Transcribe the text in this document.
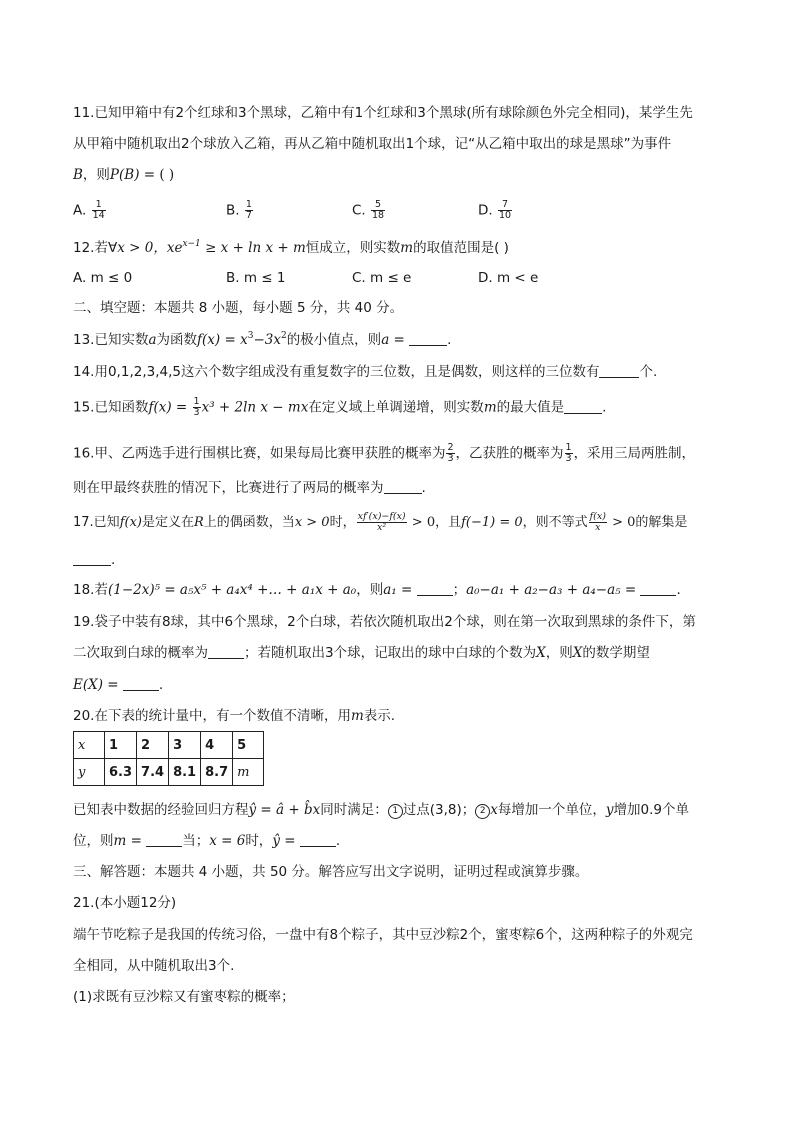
11.已知甲箱中有2个红球和3个黑球，乙箱中有1个红球和3个黑球(所有球除颜色外完全相同)，某学生先
从甲箱中随机取出2个球放入乙箱，再从乙箱中随机取出1个球，记“从乙箱中取出的球是黑球”为事件
B，则P(B) = ( )
A. $\frac{1}{14}$	B. $\frac{1}{7}$	C. $\frac{5}{18}$	D. $\frac{7}{10}$
12.若∀x > 0，$xe^{x-1} \ge x + \ln x + m$恒成立，则实数m的取值范围是( )
A. m ≤ 0	B. m ≤ 1	C. m ≤ e	D. m < e
二、填空题：本题共 8 小题，每小题 5 分，共 40 分。
13.已知实数a为函数$f(x) = x^3-3x^2$的极小值点，则a =	.
14.用0,1,2,3,4,5这六个数字组成没有重复数字的三位数，且是偶数，则这样的三位数有	个.
15.已知函数$f(x) = \frac{1}{3} x^3 + 2\ln$ x − mx在定义域上单调递增，则实数m的最大值是	.
16.甲、乙两选手进行围棋比赛，如果每局比赛甲获胜的概率为 $\frac{2}{3}$ ，乙获胜的概率为 $\frac{1}{3}$ ，采用三局两胜制，
则在甲最终获胜的情况下，比赛进行了两局的概率为	.
17.已知f(x)是定义在R上的偶函数，当x > 0时， $\frac{xf'(x)-f(x)}{\text{x²}} > 0$，且f(−1) = 0，则不等式 $\frac{f(x)}{x} > 0$的解集是
.
18.若(1−2x)⁵ = a₅x⁵ + a₄x⁴ +… + a₁x + a₀，则a₁ =	；a₀−a₁ + a₂−a₃ + a₄−a₅ =	.
19.袋子中装有8球，其中6个黑球，2个白球，若依次随机取出2个球，则在第一次取到黑球的条件下，第
二次取到白球的概率为	；若随机取出3个球，记取出的球中白球的个数为X，则X的数学期望
E(X) =	.
20.在下表的统计量中，有一个数值不清晰，用m表示.
x	1	2	3	4	5
y	6.3	7.4	8.1	8.7	m
已知表中数据的经验回归方程ŷ = â + b̂x同时满足： 1 过点(3,8)； 2 x每增加一个单位，y增加0.9个单
位，则m =	当；x = 6时，ŷ =	.
三、解答题：本题共 4 小题，共 50 分。解答应写出文字说明，证明过程或演算步骤。
21.(本小题12分)
端午节吃粽子是我国的传统习俗，一盘中有8个粽子，其中豆沙粽2个，蜜枣粽6个，这两种粽子的外观完
全相同，从中随机取出3个.
(1)求既有豆沙粽又有蜜枣粽的概率；
